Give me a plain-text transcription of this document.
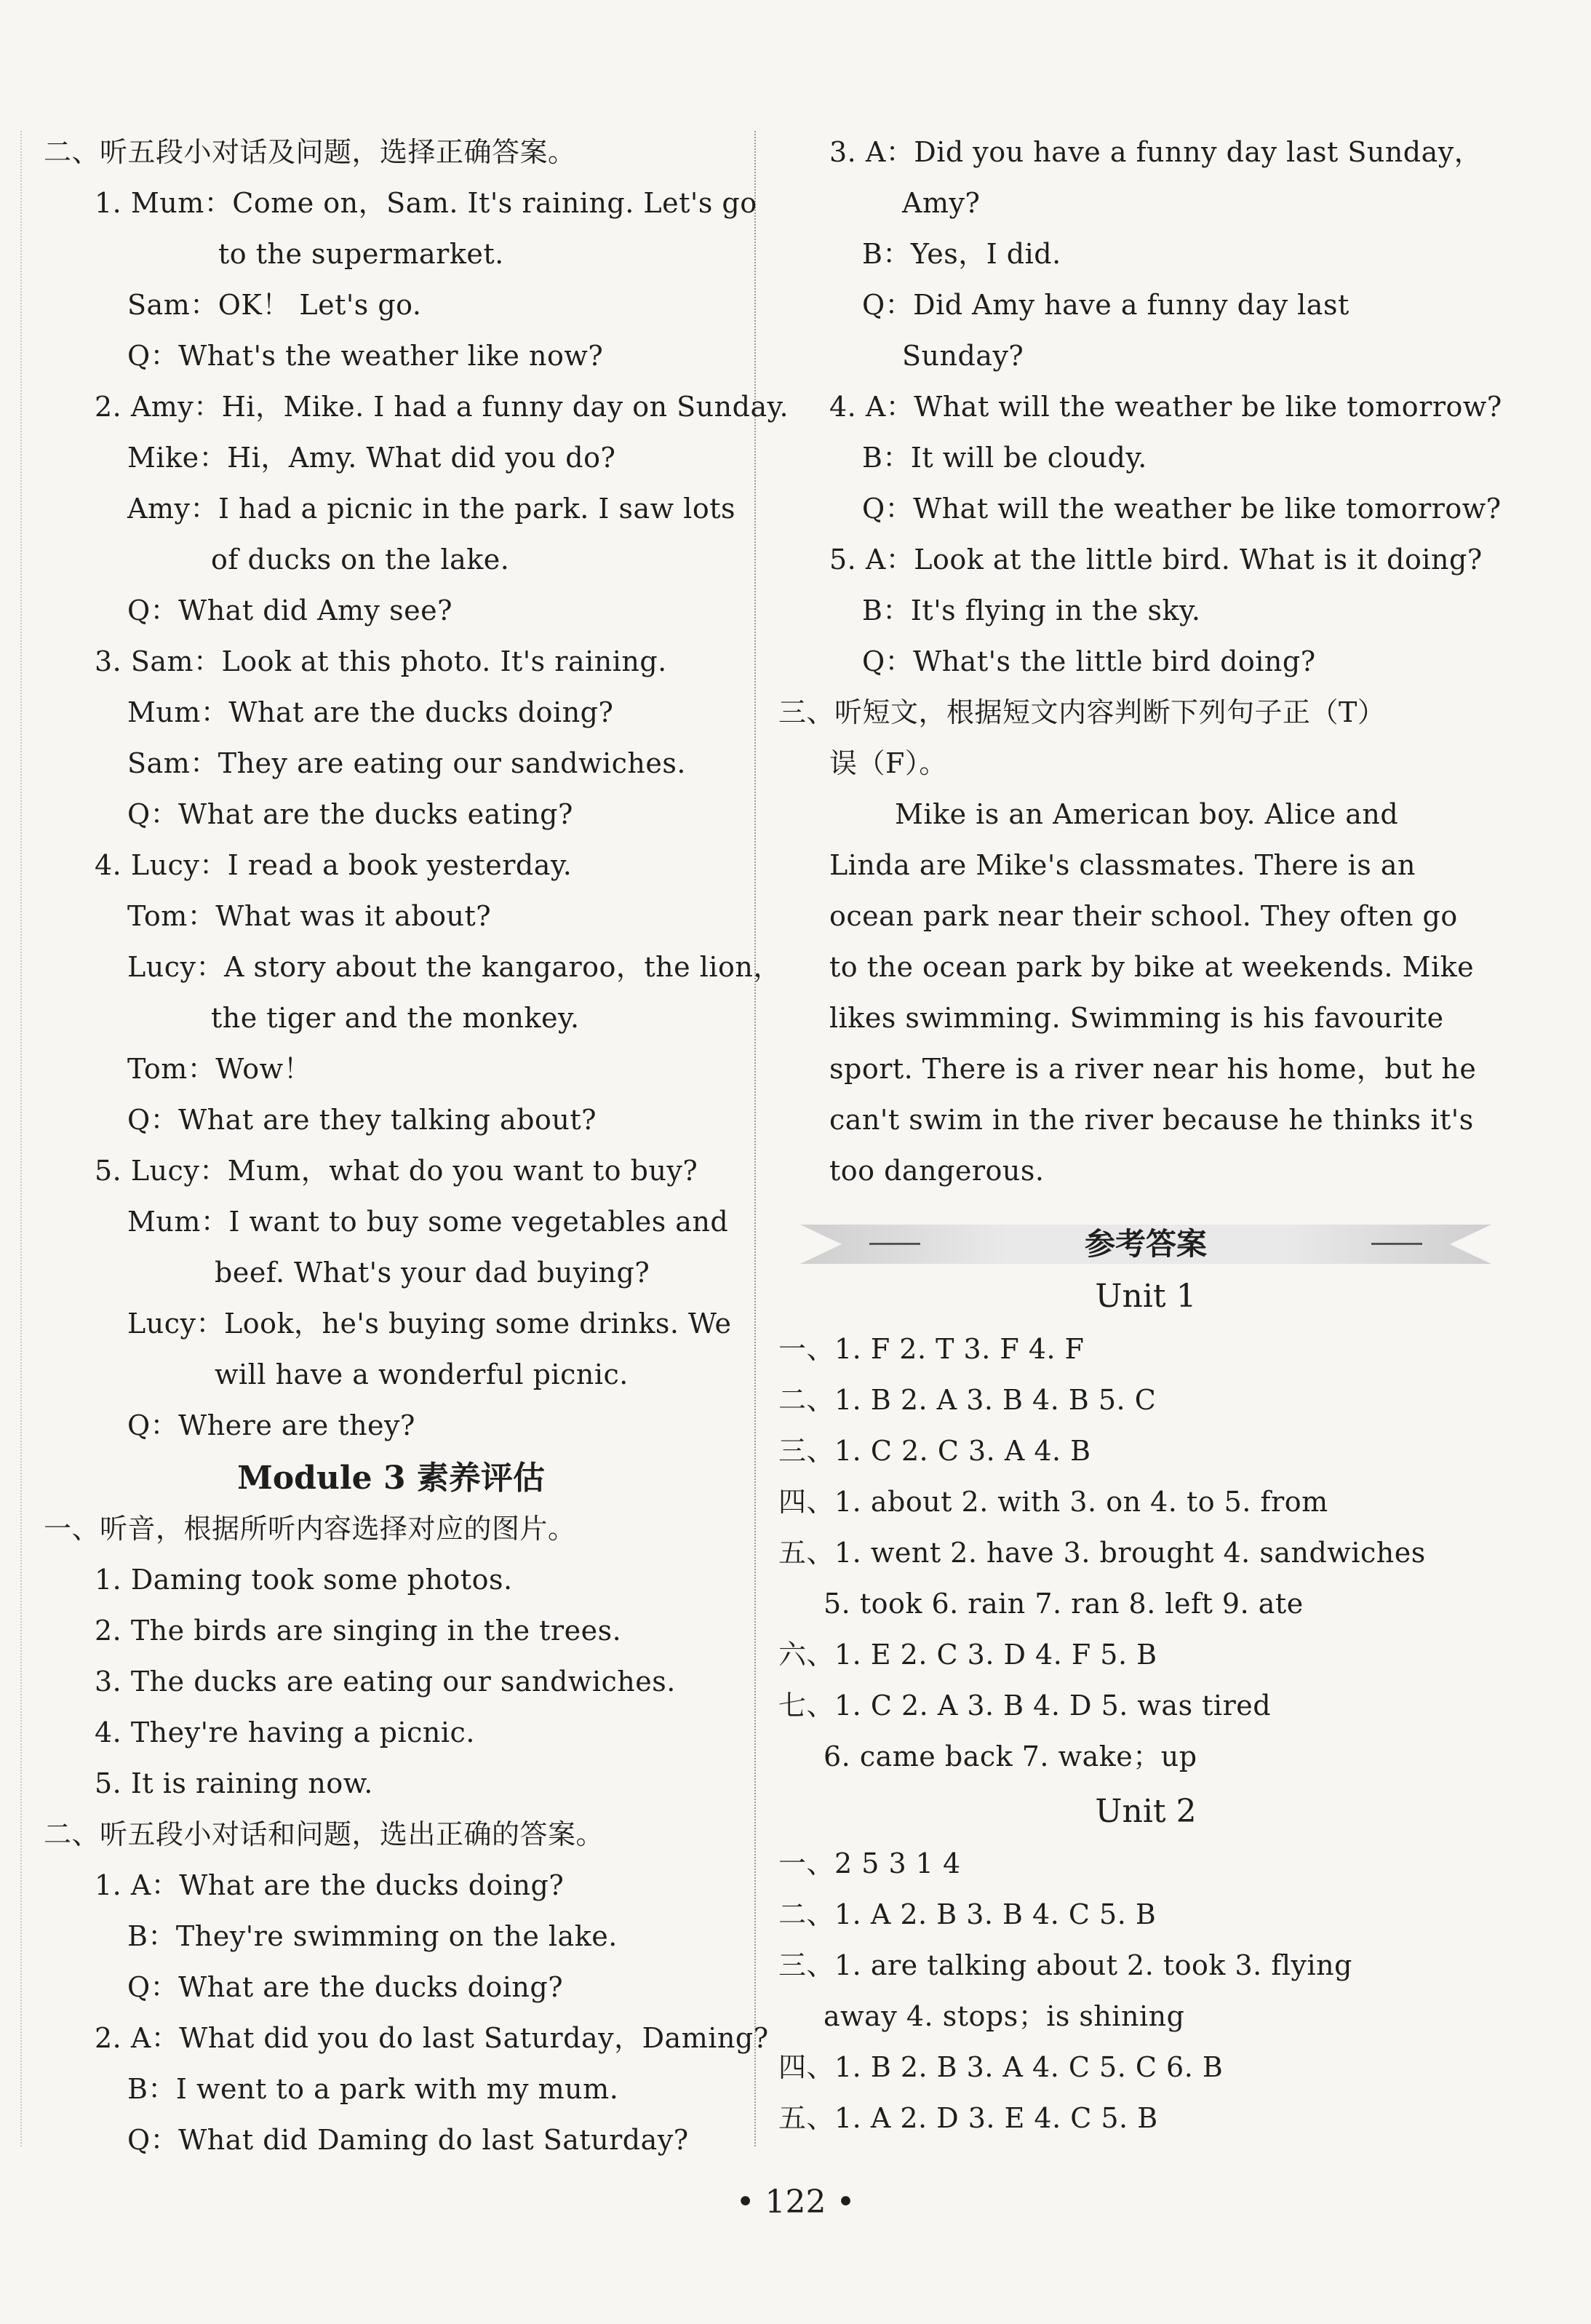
二、听五段小对话及问题，选择正确答案。
1. Mum：Come on，Sam. It's raining. Let's go
to the supermarket.
Sam：OK！ Let's go.
Q：What's the weather like now?
2. Amy：Hi，Mike. I had a funny day on Sunday.
Mike：Hi，Amy. What did you do?
Amy：I had a picnic in the park. I saw lots
of ducks on the lake.
Q：What did Amy see?
3. Sam：Look at this photo. It's raining.
Mum：What are the ducks doing?
Sam：They are eating our sandwiches.
Q：What are the ducks eating?
4. Lucy：I read a book yesterday.
Tom：What was it about?
Lucy：A story about the kangaroo，the lion，
the tiger and the monkey.
Tom：Wow！
Q：What are they talking about?
5. Lucy：Mum，what do you want to buy?
Mum：I want to buy some vegetables and
beef. What's your dad buying?
Lucy：Look，he's buying some drinks. We
will have a wonderful picnic.
Q：Where are they?
Module 3 素养评估
一、听音，根据所听内容选择对应的图片。
1. Daming took some photos.
2. The birds are singing in the trees.
3. The ducks are eating our sandwiches.
4. They're having a picnic.
5. It is raining now.
二、听五段小对话和问题，选出正确的答案。
1. A：What are the ducks doing?
B：They're swimming on the lake.
Q：What are the ducks doing?
2. A：What did you do last Saturday，Daming?
B：I went to a park with my mum.
Q：What did Daming do last Saturday?
3. A：Did you have a funny day last Sunday，
Amy?
B：Yes，I did.
Q：Did Amy have a funny day last
Sunday?
4. A：What will the weather be like tomorrow?
B：It will be cloudy.
Q：What will the weather be like tomorrow?
5. A：Look at the little bird. What is it doing?
B：It's flying in the sky.
Q：What's the little bird doing?
三、听短文，根据短文内容判断下列句子正（T）
误（F）。
Mike is an American boy. Alice and
Linda are Mike's classmates. There is an
ocean park near their school. They often go
to the ocean park by bike at weekends. Mike
likes swimming. Swimming is his favourite
sport. There is a river near his home，but he
can't swim in the river because he thinks it's
too dangerous.
参考答案
Unit 1
一、1. F 2. T 3. F 4. F
二、1. B 2. A 3. B 4. B 5. C
三、1. C 2. C 3. A 4. B
四、1. about 2. with 3. on 4. to 5. from
五、1. went 2. have 3. brought 4. sandwiches
5. took 6. rain 7. ran 8. left 9. ate
六、1. E 2. C 3. D 4. F 5. B
七、1. C 2. A 3. B 4. D 5. was tired
6. came back 7. wake；up
Unit 2
一、2 5 3 1 4
二、1. A 2. B 3. B 4. C 5. B
三、1. are talking about 2. took 3. flying
away 4. stops；is shining
四、1. B 2. B 3. A 4. C 5. C 6. B
五、1. A 2. D 3. E 4. C 5. B
• 122 •
